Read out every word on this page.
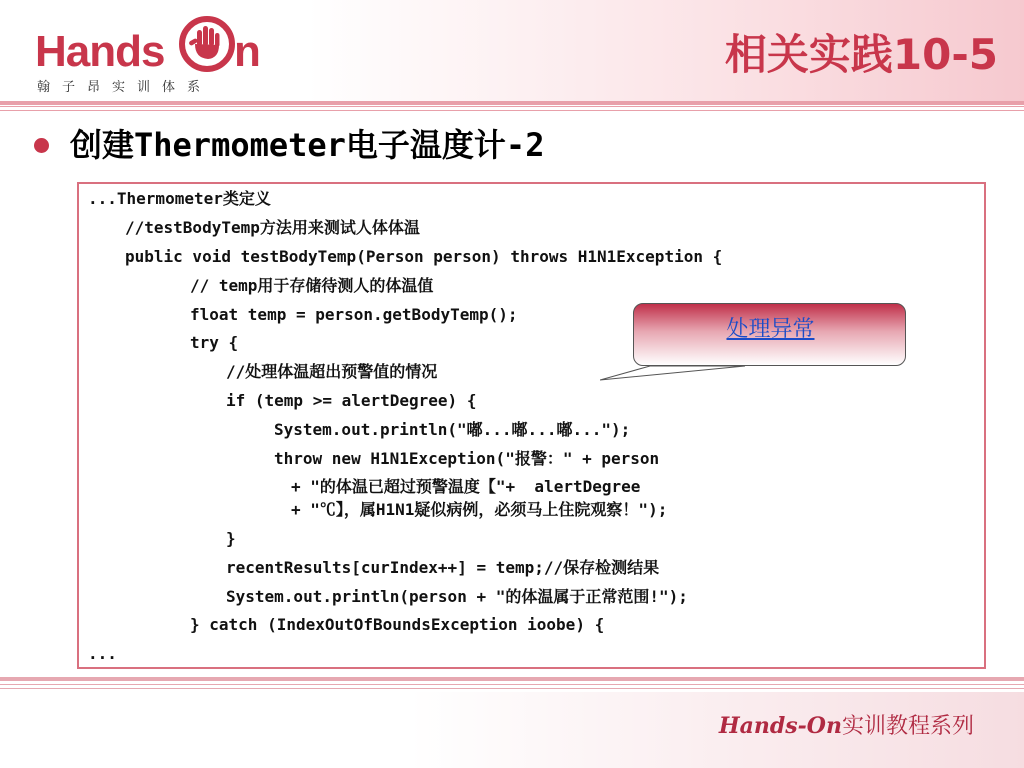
Hands n
翰子昂实训体系
相关实践10-5
创建Thermometer电子温度计-2
...Thermometer类定义
//testBodyTemp方法用来测试人体体温
public void testBodyTemp(Person person) throws H1N1Exception {
// temp用于存储待测人的体温值
float temp = person.getBodyTemp();
try {
//处理体温超出预警值的情况
if (temp >= alertDegree) {
System.out.println("嘟...嘟...嘟...");
throw new H1N1Exception("报警：" + person
+ "的体温已超过预警温度【"+  alertDegree
+ "℃】，属H1N1疑似病例，必须马上住院观察！");
}
recentResults[curIndex++] = temp;//保存检测结果
System.out.println(person + "的体温属于正常范围!");
} catch (IndexOutOfBoundsException ioobe) {
...
处理异常
Hands-On实训教程系列
